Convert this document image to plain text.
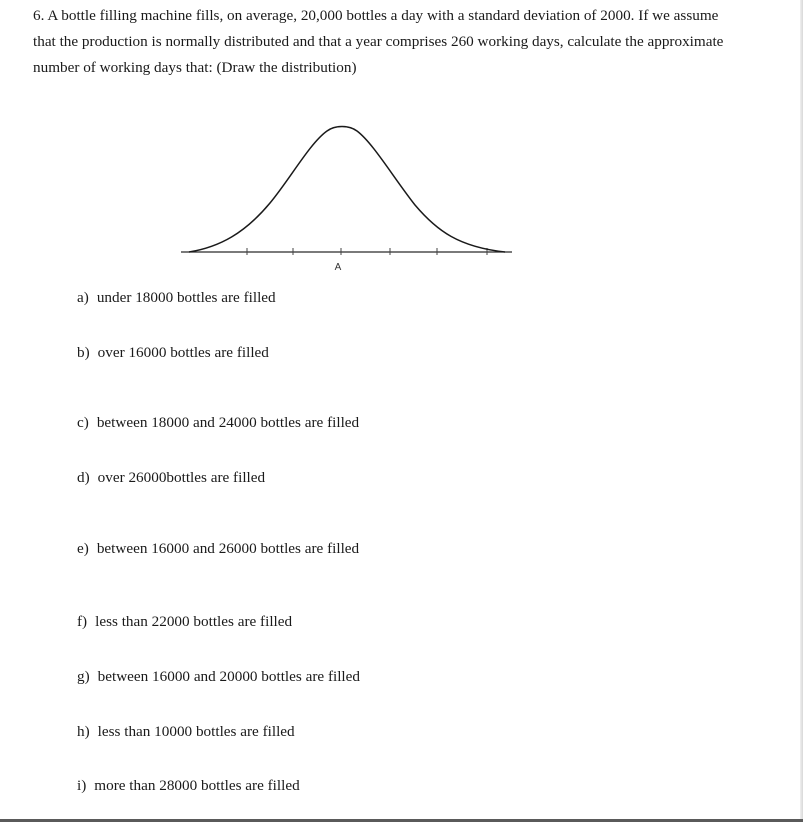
6. A bottle filling machine fills, on average, 20,000 bottles a day with a standard deviation of 2000. If we assume
that the production is normally distributed and that a year comprises 260 working days, calculate the approximate
number of working days that: (Draw the distribution)

A

a) under 18000 bottles are filled

b) over 16000 bottles are filled

c) between 18000 and 24000 bottles are filled

d) over 26000bottles are filled

e) between 16000 and 26000 bottles are filled

f) less than 22000 bottles are filled

g) between 16000 and 20000 bottles are filled

h) less than 10000 bottles are filled

i) more than 28000 bottles are filled
